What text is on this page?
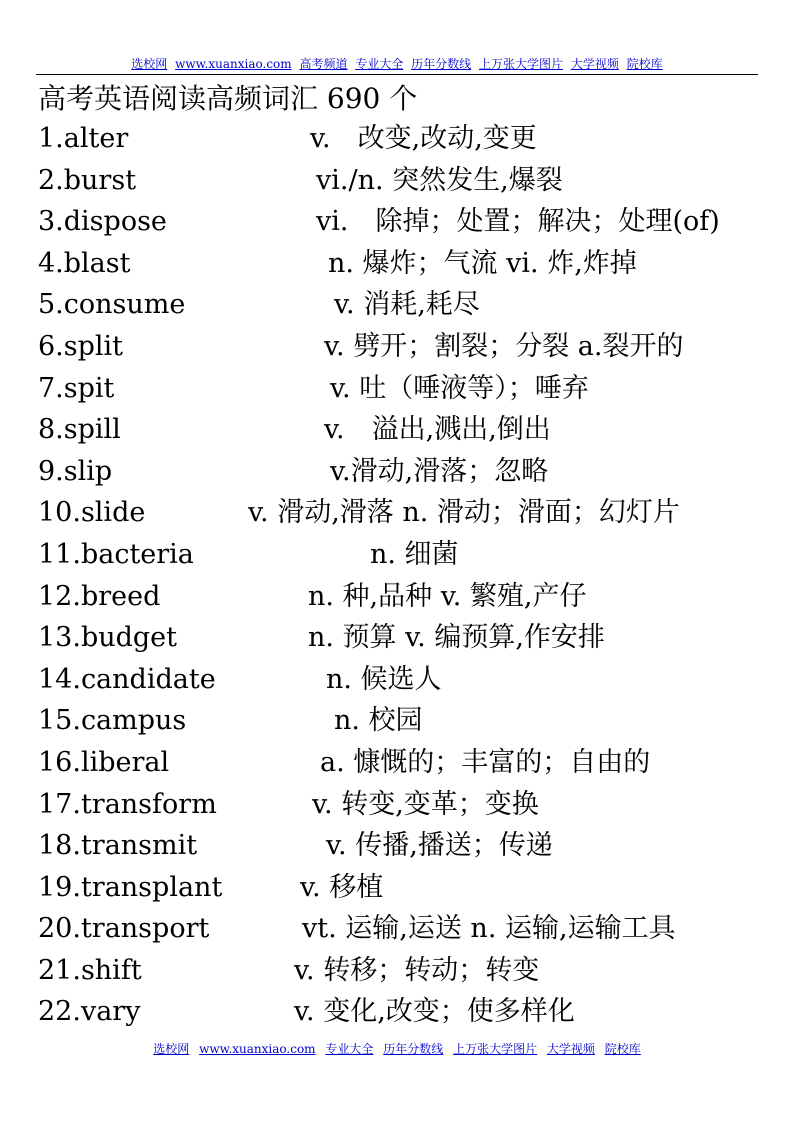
选校网 www.xuanxiao.com 高考频道 专业大全 历年分数线 上万张大学图片 大学视频 院校库
高考英语阅读高频词汇 690 个
1.alter	v.　改变,改动,变更
2.burst	vi./n. 突然发生,爆裂
3.dispose	vi.　除掉；处置；解决；处理(of)
4.blast	n. 爆炸；气流 vi. 炸,炸掉
5.consume	v. 消耗,耗尽
6.split	v. 劈开；割裂；分裂 a.裂开的
7.spit	v. 吐（唾液等）；唾弃
8.spill	v.　溢出,溅出,倒出
9.slip	v.滑动,滑落；忽略
10.slide	v. 滑动,滑落 n. 滑动；滑面；幻灯片
11.bacteria	n. 细菌
12.breed	n. 种,品种 v. 繁殖,产仔
13.budget	n. 预算 v. 编预算,作安排
14.candidate	n. 候选人
15.campus	n. 校园
16.liberal	a. 慷慨的；丰富的；自由的
17.transform	v. 转变,变革；变换
18.transmit	v. 传播,播送；传递
19.transplant	v. 移植
20.transport	vt. 运输,运送 n. 运输,运输工具
21.shift	v. 转移；转动；转变
22.vary	v. 变化,改变；使多样化
选校网 www.xuanxiao.com 专业大全 历年分数线 上万张大学图片 大学视频 院校库
